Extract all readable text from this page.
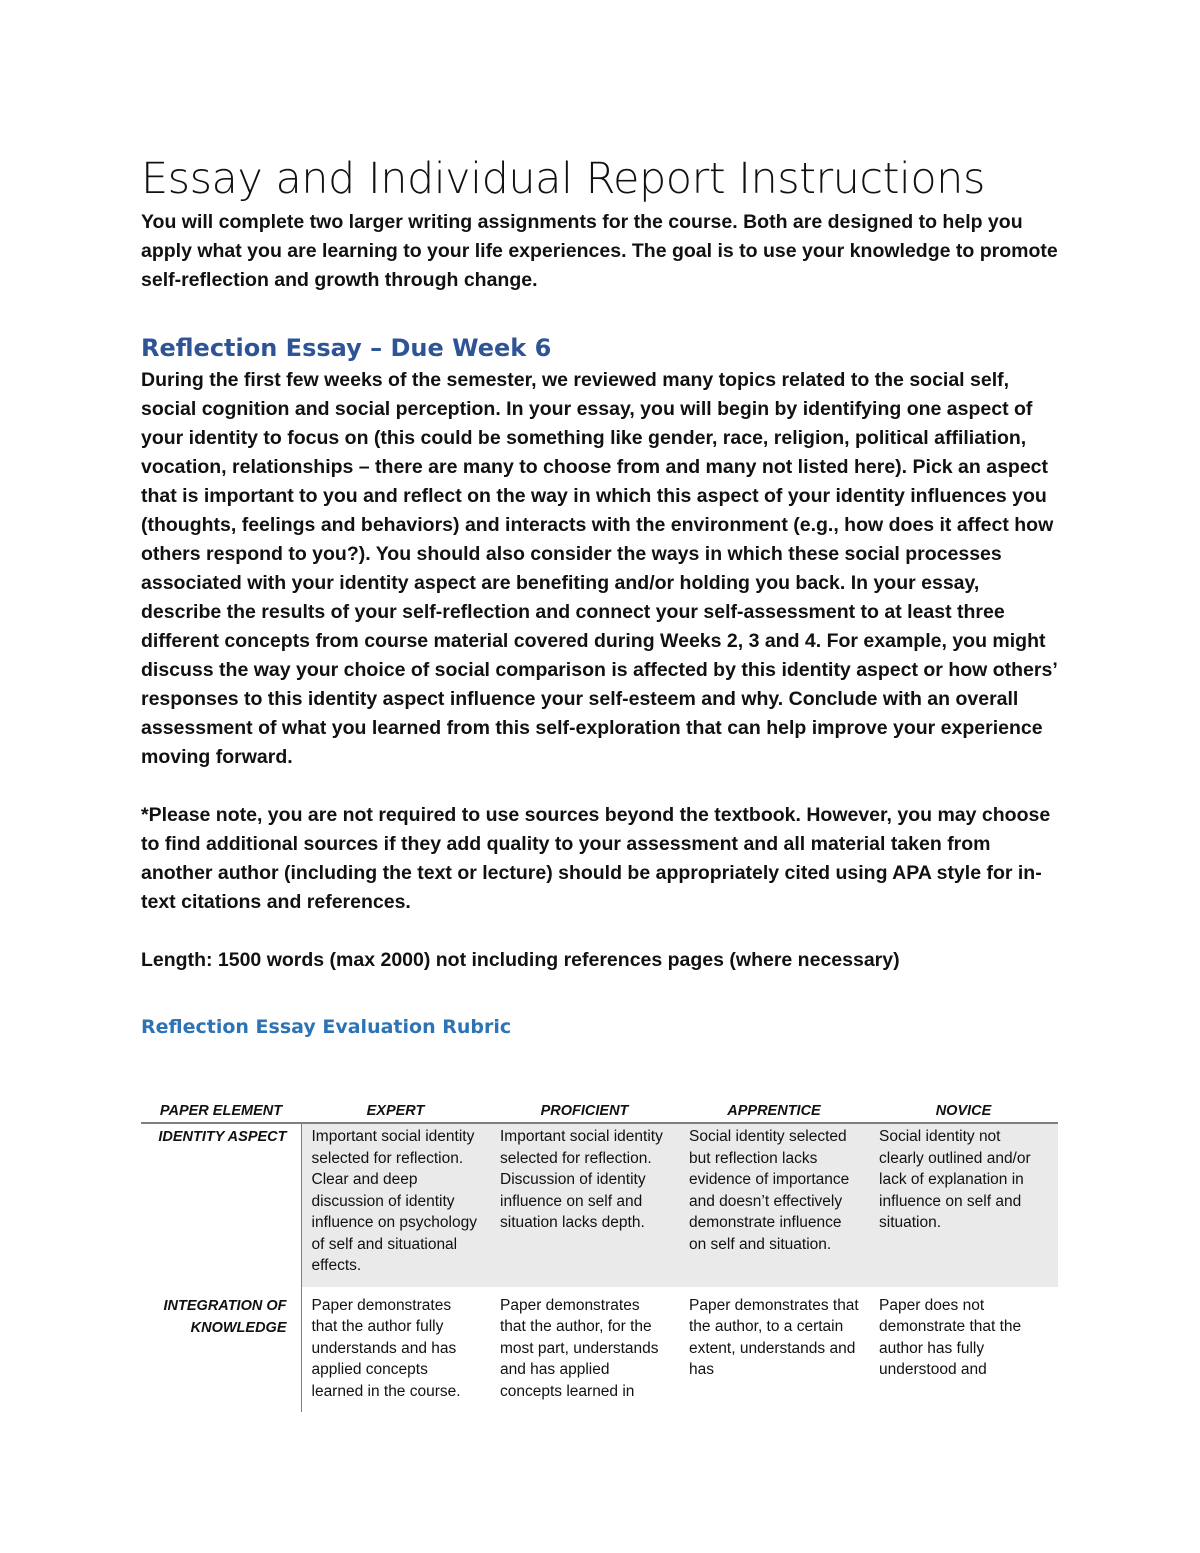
Essay and Individual Report Instructions

You will complete two larger writing assignments for the course. Both are designed to help you apply what you are learning to your life experiences. The goal is to use your knowledge to promote self-reflection and growth through change.

Reflection Essay – Due Week 6

During the first few weeks of the semester, we reviewed many topics related to the social self, social cognition and social perception. In your essay, you will begin by identifying one aspect of your identity to focus on (this could be something like gender, race, religion, political affiliation, vocation, relationships – there are many to choose from and many not listed here). Pick an aspect that is important to you and reflect on the way in which this aspect of your identity influences you (thoughts, feelings and behaviors) and interacts with the environment (e.g., how does it affect how others respond to you?). You should also consider the ways in which these social processes associated with your identity aspect are benefiting and/or holding you back. In your essay, describe the results of your self-reflection and connect your self-assessment to at least three different concepts from course material covered during Weeks 2, 3 and 4. For example, you might discuss the way your choice of social comparison is affected by this identity aspect or how others’ responses to this identity aspect influence your self-esteem and why. Conclude with an overall assessment of what you learned from this self-exploration that can help improve your experience moving forward.

*Please note, you are not required to use sources beyond the textbook. However, you may choose to find additional sources if they add quality to your assessment and all material taken from another author (including the text or lecture) should be appropriately cited using APA style for in-text citations and references.

Length: 1500 words (max 2000) not including references pages (where necessary)

Reflection Essay Evaluation Rubric
PAPER ELEMENT	EXPERT	PROFICIENT	APPRENTICE	NOVICE
IDENTITY ASPECT	Important social identity selected for reflection. Clear and deep discussion of identity influence on psychology of self and situational effects.	Important social identity selected for reflection. Discussion of identity influence on self and situation lacks depth.	Social identity selected but reflection lacks evidence of importance and doesn’t effectively demonstrate influence on self and situation.	Social identity not clearly outlined and/or lack of explanation in influence on self and situation.
INTEGRATION OF KNOWLEDGE	Paper demonstrates that the author fully understands and has applied concepts learned in the course.	Paper demonstrates that the author, for the most part, understands and has applied concepts learned in	Paper demonstrates that the author, to a certain extent, understands and has	Paper does not demonstrate that the author has fully understood and
